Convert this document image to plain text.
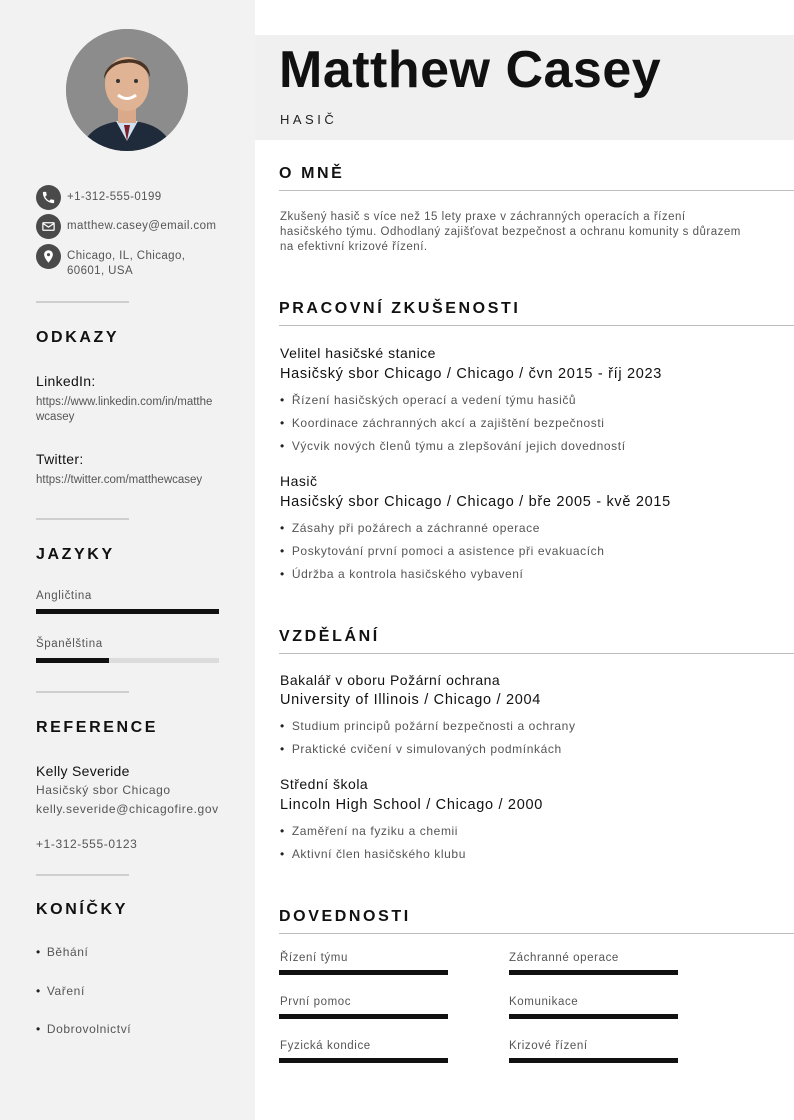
+1-312-555-0199
matthew.casey@email.com
Chicago, IL, Chicago, 60601, USA
ODKAZY
LinkedIn:
https://www.linkedin.com/in/matthewcasey
Twitter:
https://twitter.com/matthewcasey
JAZYKY
Angličtina
Španělština
REFERENCE
Kelly Severide
Hasičský sbor Chicago
kelly.severide@chicagofire.gov
+1-312-555-0123
KONÍČKY
• Běhání
• Vaření
• Dobrovolnictví
Matthew Casey
HASIČ
O MNĚ
Zkušený hasič s více než 15 lety praxe v záchranných operacích a řízení hasičského týmu. Odhodlaný zajišťovat bezpečnost a ochranu komunity s důrazem na efektivní krizové řízení.
PRACOVNÍ ZKUŠENOSTI
Velitel hasičské stanice
Hasičský sbor Chicago / Chicago / čvn 2015 - říj 2023
• Řízení hasičských operací a vedení týmu hasičů
• Koordinace záchranných akcí a zajištění bezpečnosti
• Výcvik nových členů týmu a zlepšování jejich dovedností
Hasič
Hasičský sbor Chicago / Chicago / bře 2005 - kvě 2015
• Zásahy při požárech a záchranné operace
• Poskytování první pomoci a asistence při evakuacích
• Údržba a kontrola hasičského vybavení
VZDĚLÁNÍ
Bakalář v oboru Požární ochrana
University of Illinois / Chicago / 2004
• Studium principů požární bezpečnosti a ochrany
• Praktické cvičení v simulovaných podmínkách
Střední škola
Lincoln High School / Chicago / 2000
• Zaměření na fyziku a chemii
• Aktivní člen hasičského klubu
DOVEDNOSTI
Řízení týmu	Záchranné operace
První pomoc	Komunikace
Fyzická kondice	Krizové řízení
